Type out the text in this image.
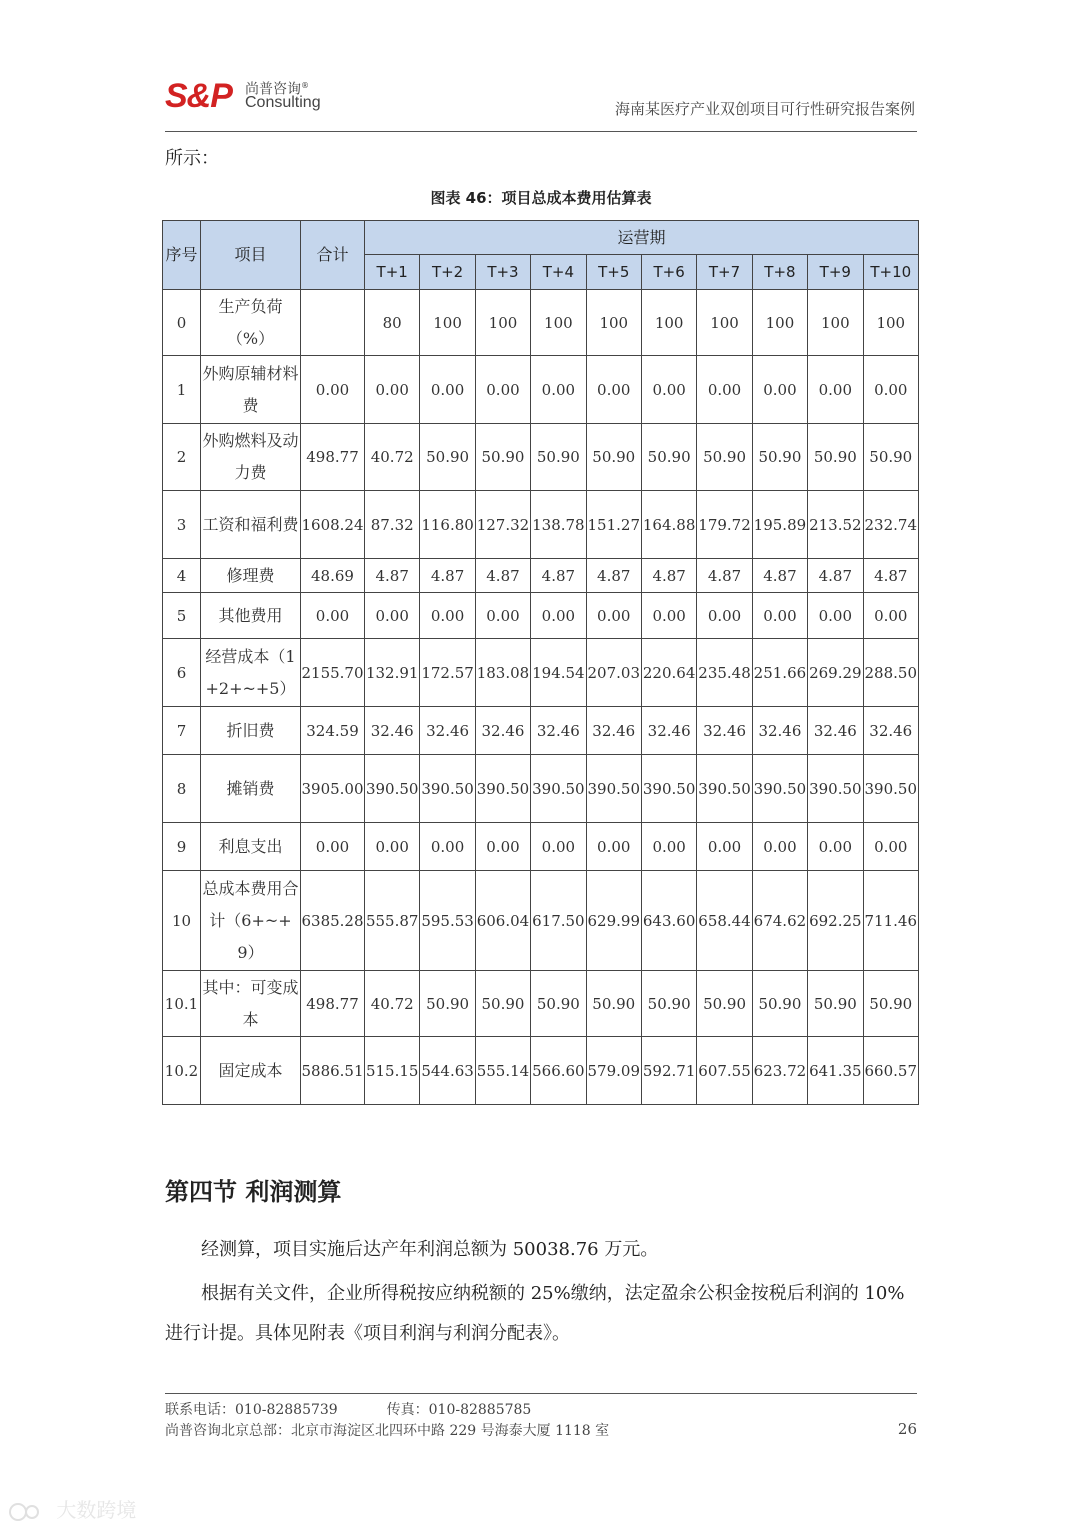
S&P 尚普咨询®
Consulting	海南某医疗产业双创项目可行性研究报告案例
所示：
图表 46：项目总成本费用估算表
序号	项目	合计	运营期									
			T+1	T+2	T+3	T+4	T+5	T+6	T+7	T+8	T+9	T+10
0	生产负荷（%）		80	100	100	100	100	100	100	100	100	100
1	外购原辅材料费	0.00	0.00	0.00	0.00	0.00	0.00	0.00	0.00	0.00	0.00	0.00
2	外购燃料及动力费	498.77	40.72	50.90	50.90	50.90	50.90	50.90	50.90	50.90	50.90	50.90
3	工资和福利费	1608.24	87.32	116.80	127.32	138.78	151.27	164.88	179.72	195.89	213.52	232.74
4	修理费	48.69	4.87	4.87	4.87	4.87	4.87	4.87	4.87	4.87	4.87	4.87
5	其他费用	0.00	0.00	0.00	0.00	0.00	0.00	0.00	0.00	0.00	0.00	0.00
6	经营成本（1+2+~+5）	2155.70	132.91	172.57	183.08	194.54	207.03	220.64	235.48	251.66	269.29	288.50
7	折旧费	324.59	32.46	32.46	32.46	32.46	32.46	32.46	32.46	32.46	32.46	32.46
8	摊销费	3905.00	390.50	390.50	390.50	390.50	390.50	390.50	390.50	390.50	390.50	390.50
9	利息支出	0.00	0.00	0.00	0.00	0.00	0.00	0.00	0.00	0.00	0.00	0.00
10	总成本费用合计（6+~+9）	6385.28	555.87	595.53	606.04	617.50	629.99	643.60	658.44	674.62	692.25	711.46
10.1	其中：可变成本	498.77	40.72	50.90	50.90	50.90	50.90	50.90	50.90	50.90	50.90	50.90
10.2	固定成本	5886.51	515.15	544.63	555.14	566.60	579.09	592.71	607.55	623.72	641.35	660.57
第四节 利润测算
经测算，项目实施后达产年利润总额为 50038.76 万元。
根据有关文件，企业所得税按应纳税额的 25%缴纳，法定盈余公积金按税后利润的 10%进行计提。具体见附表《项目利润与利润分配表》。
联系电话：010-82885739	传真：010-82885785
尚普咨询北京总部：北京市海淀区北四环中路 229 号海泰大厦 1118 室	26
大数跨境
